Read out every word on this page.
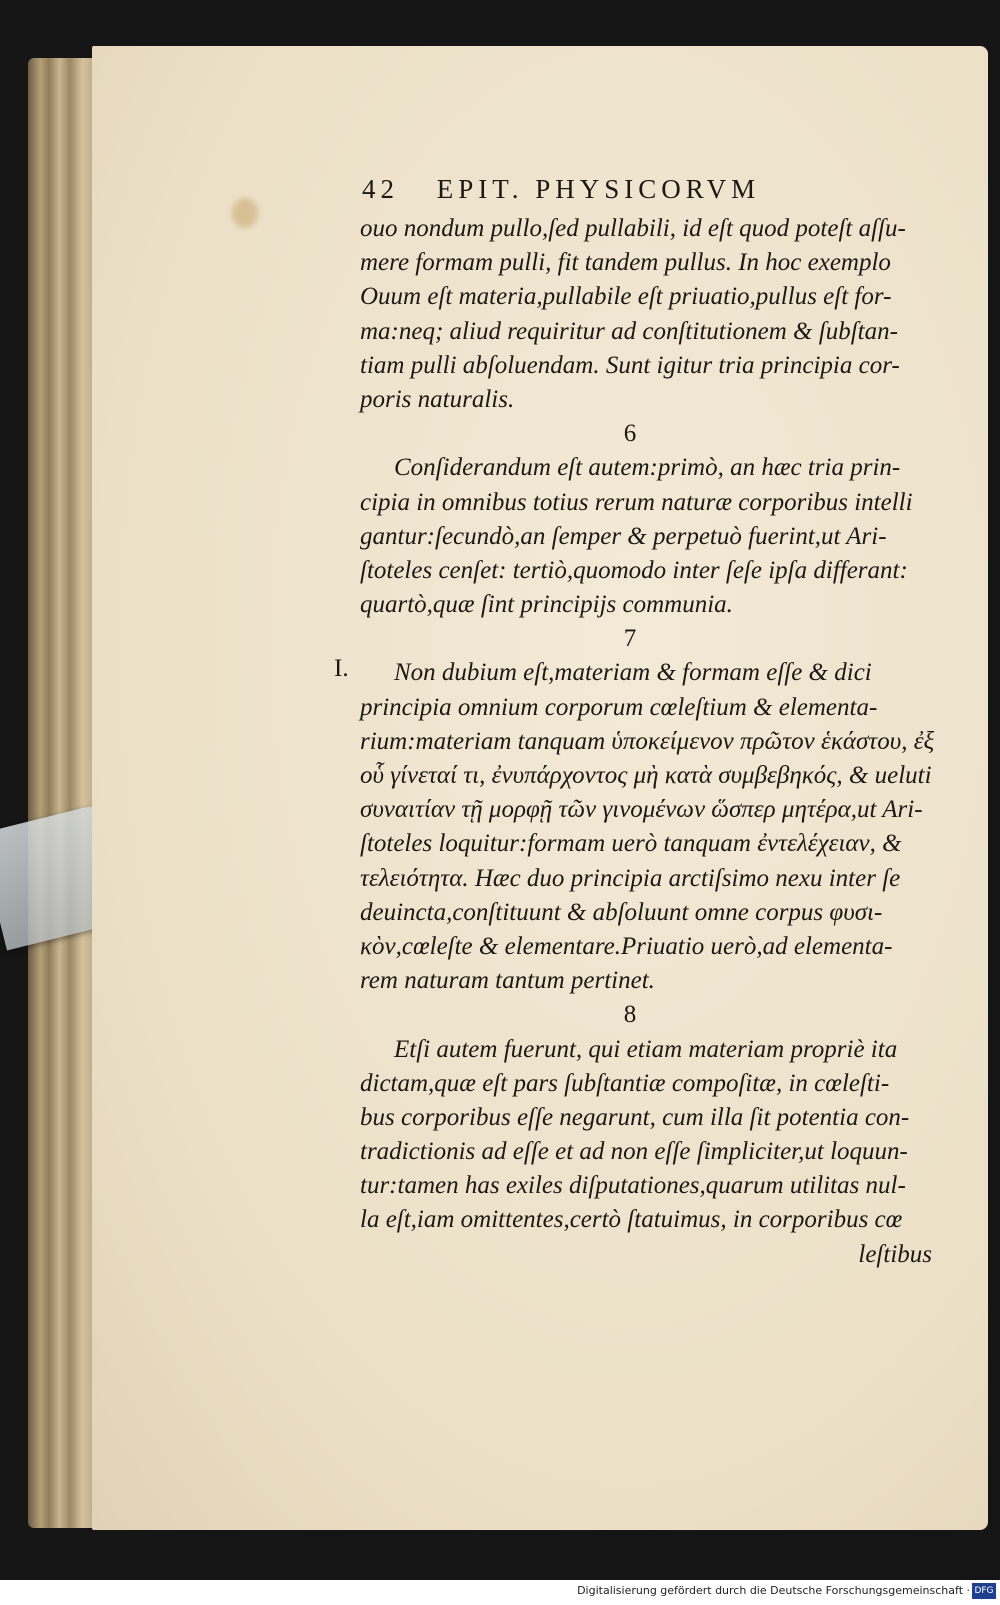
42 EPIT. PHYSICORVM
ouo nondum pullo,ſed pullabili, id eſt quod poteſt aſſu-
mere formam pulli, fit tandem pullus. In hoc exemplo
Ouum eſt materia,pullabile eſt priuatio,pullus eſt for-
ma:neq; aliud requiritur ad conſtitutionem & ſubſtan-
tiam pulli abſoluendam. Sunt igitur tria principia cor-
poris naturalis.
6
Conſiderandum eſt autem:primò, an hæc tria prin-
cipia in omnibus totius rerum naturæ corporibus intelli
gantur:ſecundò,an ſemper & perpetuò fuerint,ut Ari-
ſtoteles cenſet: tertiò,quomodo inter ſeſe ipſa differant:
quartò,quæ ſint principijs communia.
7
Non dubium eſt,materiam & formam eſſe & dici
principia omnium corporum cœleſtium & elementa-
rium:materiam tanquam ὑποκείμενον πρῶτον ἑκάστου, ἐξ
οὗ γίνεταί τι, ἐνυπάρχοντος μὴ κατὰ συμβεβηκός, & ueluti
συναιτίαν τῇ μορφῇ τῶν γινομένων ὥσπερ μητέρα,ut Ari-
ſtoteles loquitur:formam uerò tanquam ἐντελέχειαν, &
τελειότητα. Hæc duo principia arctiſsimo nexu inter ſe
deuincta,conſtituunt & abſoluunt omne corpus φυσι-
κὸν,cœleſte & elementare.Priuatio uerò,ad elementa-
rem naturam tantum pertinet.
8
Etſi autem fuerunt, qui etiam materiam propriè ita
dictam,quæ eſt pars ſubſtantiæ compoſitæ, in cœleſti-
bus corporibus eſſe negarunt, cum illa ſit potentia con-
tradictionis ad eſſe et ad non eſſe ſimpliciter,ut loquun-
tur:tamen has exiles diſputationes,quarum utilitas nul-
la eſt,iam omittentes,certò ſtatuimus, in corporibus cœ
leſtibus
I.
Digitalisierung gefördert durch die Deutsche Forschungsgemeinschaft · DFG
